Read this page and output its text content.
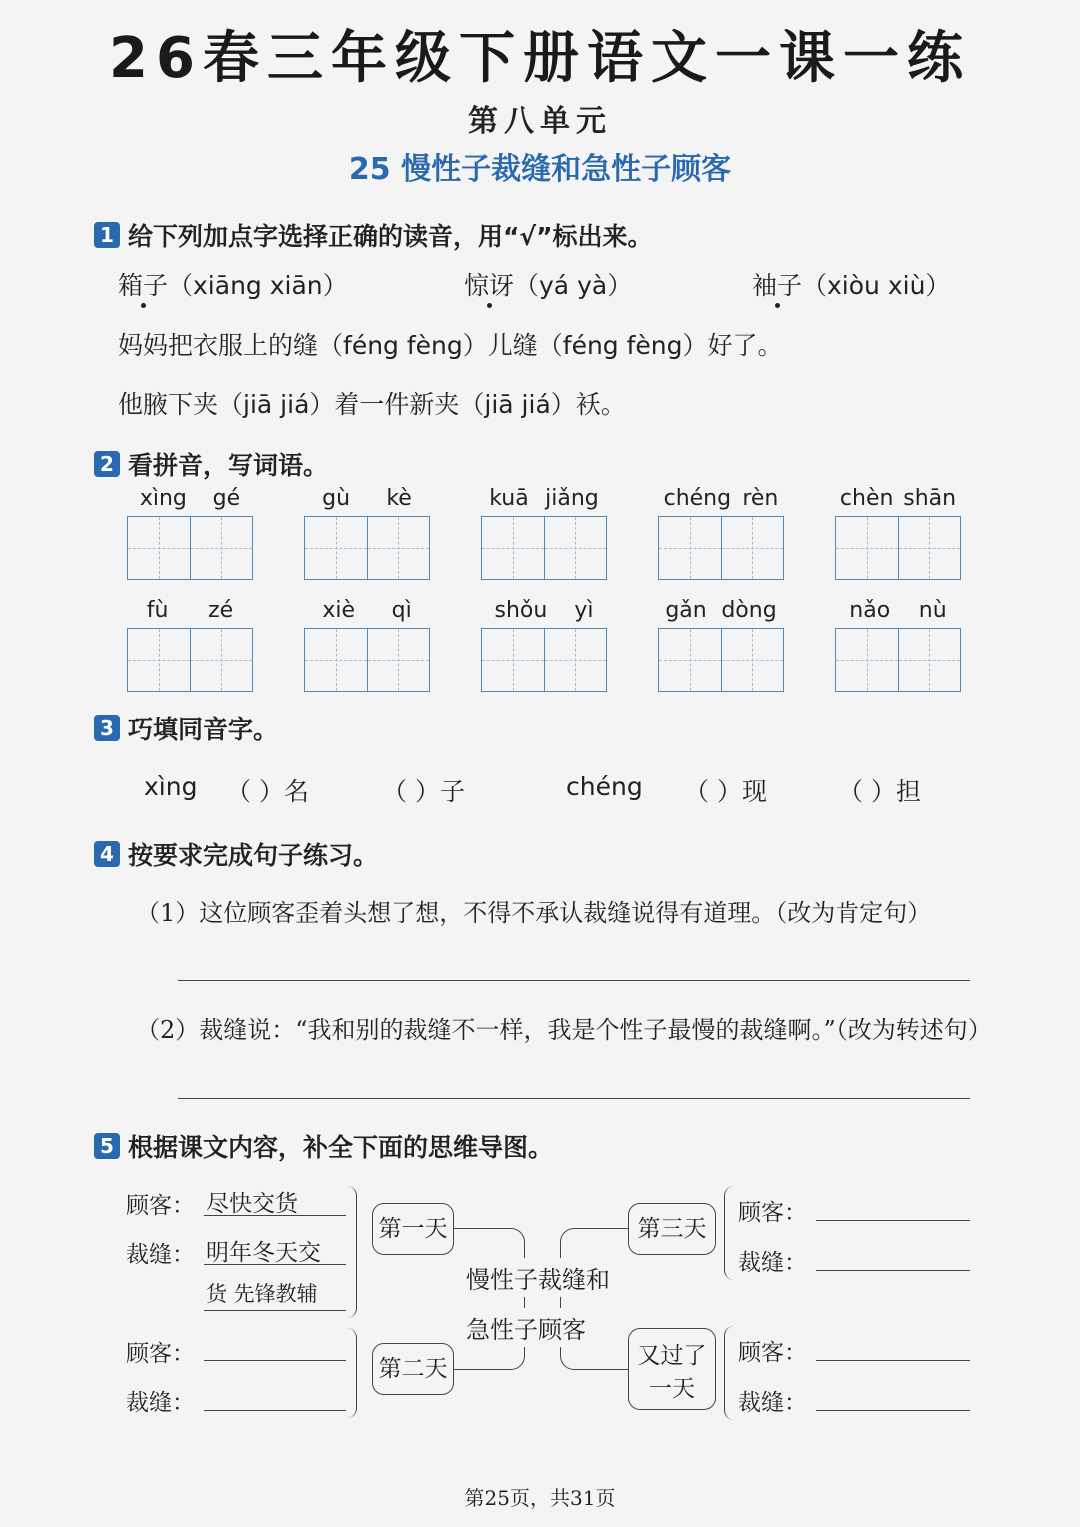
26春三年级下册语文一课一练
第八单元
25 慢性子裁缝和急性子顾客
1 给下列加点字选择正确的读音，用“√”标出来。
箱子（xiāng xiān）	惊讶（yá yà）	袖子（xiòu xiù）
妈妈把衣服上的缝（féng fèng）儿缝（féng fèng）好了。
他腋下夹（jiā jiá）着一件新夹（jiā jiá）袄。
2 看拼音，写词语。
xìng gé	gù kè	kuā jiǎng	chéng rèn	chèn shān
fù zé	xiè qì	shǒu yì	gǎn dòng	nǎo nù
3 巧填同音字。
xìng （ ）名	（ ）子	chéng （ ）现	（ ）担
4 按要求完成句子练习。
（1）这位顾客歪着头想了想，不得不承认裁缝说得有道理。（改为肯定句）
（2）裁缝说：“我和别的裁缝不一样，我是个性子最慢的裁缝啊。”（改为转述句）
5 根据课文内容，补全下面的思维导图。
顾客： 尽快交货
裁缝： 明年冬天交
货 先锋教辅
顾客：
裁缝：
第一天
第二天
慢性子裁缝和
急性子顾客
第三天
又过了
一天
顾客：
裁缝：
顾客：
裁缝：
第25页，共31页
